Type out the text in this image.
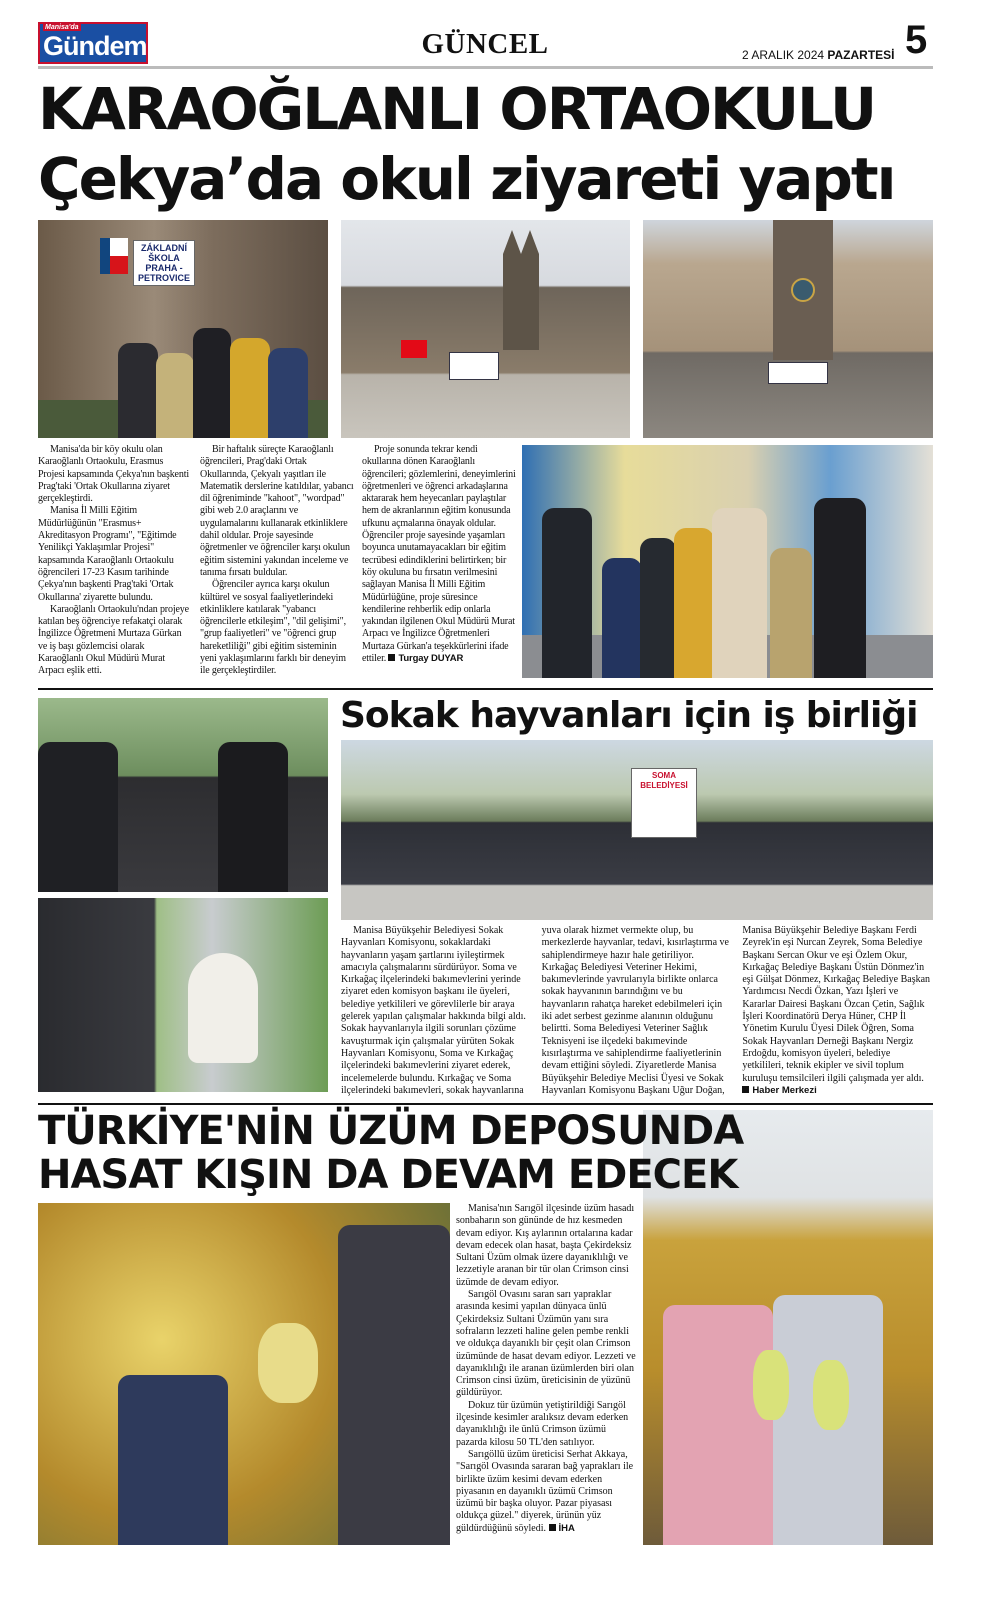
Manisa'da
Gündem	GÜNCEL	2 ARALIK 2024 PAZARTESİ 5
KARAOĞLANLI ORTAOKULU
Çekya’da okul ziyareti yaptı
ZÁKLADNÍ ŠKOLA PRAHA - PETROVICE

Manisa'da bir köy okulu olan Karaoğlanlı Ortaokulu, Erasmus Projesi kapsamında Çekya'nın başkenti Prag'taki 'Ortak Okullarına ziyaret gerçekleştirdi.

Manisa İl Milli Eğitim Müdürlüğünün "Erasmus+ Akreditasyon Programı", "Eğitimde Yenilikçi Yaklaşımlar Projesi" kapsamında Karaoğlanlı Ortaokulu öğrencileri 17-23 Kasım tarihinde Çekya'nın başkenti Prag'taki 'Ortak Okullarına' ziyarette bulundu.

Karaoğlanlı Ortaokulu'ndan projeye katılan beş öğrenciye refakatçi olarak İngilizce Öğretmeni Murtaza Gürkan ve iş başı gözlemcisi olarak Karaoğlanlı Okul Müdürü Murat Arpacı eşlik etti.

Bir haftalık süreçte Karaoğlanlı öğrencileri, Prag'daki Ortak Okullarında, Çekyalı yaşıtları ile Matematik derslerine katıldılar, yabancı dil öğreniminde "kahoot", "wordpad" gibi web 2.0 araçlarını ve uygulamalarını kullanarak etkinliklere dahil oldular. Proje sayesinde öğretmenler ve öğrenciler karşı okulun eğitim sistemini yakından inceleme ve tanıma fırsatı buldular.

Öğrenciler ayrıca karşı okulun kültürel ve sosyal faaliyetlerindeki etkinliklere katılarak "yabancı öğrencilerle etkileşim", "dil gelişimi", "grup faaliyetleri" ve "öğrenci grup hareketliliği" gibi eğitim sisteminin yeni yaklaşımlarını farklı bir deneyim ile gerçekleştirdiler.

Proje sonunda tekrar kendi okullarına dönen Karaoğlanlı öğrencileri; gözlemlerini, deneyimlerini öğretmenleri ve öğrenci arkadaşlarına aktararak hem heyecanları paylaştılar hem de akranlarının eğitim konusunda ufkunu açmalarına önayak oldular. Öğrenciler proje sayesinde yaşamları boyunca unutamayacakları bir eğitim tecrübesi edindiklerini belirtirken; bir köy okuluna bu fırsatın verilmesini sağlayan Manisa İl Milli Eğitim Müdürlüğüne, proje süresince kendilerine rehberlik edip onlarla yakından ilgilenen Okul Müdürü Murat Arpacı ve İngilizce Öğretmenleri Murtaza Gürkan'a teşekkürlerini ifade ettiler. Turgay DUYAR

Sokak hayvanları için iş birliği
SOMA BELEDİYESİ

Manisa Büyükşehir Belediyesi Sokak Hayvanları Komisyonu, sokaklardaki hayvanların yaşam şartlarını iyileştirmek amacıyla çalışmalarını sürdürüyor. Soma ve Kırkağaç ilçelerindeki bakımevlerini yerinde ziyaret eden komisyon başkanı ile üyeleri, belediye yetkilileri ve görevlilerle bir araya gelerek yapılan çalışmalar hakkında bilgi aldı. Sokak hayvanlarıyla ilgili sorunları çözüme kavuşturmak için çalışmalar yürüten Sokak Hayvanları Komisyonu, Soma ve Kırkağaç ilçelerindeki bakımevlerini ziyaret ederek, incelemelerde bulundu. Kırkağaç ve Soma ilçelerindeki bakımevleri, sokak hayvanlarına yuva olarak hizmet vermekte olup, bu merkezlerde hayvanlar, tedavi, kısırlaştırma ve sahiplendirmeye hazır hale getiriliyor. Kırkağaç Belediyesi Veteriner Hekimi, bakımevlerinde yavrularıyla birlikte onlarca sokak hayvanının barındığını ve bu hayvanların rahatça hareket edebilmeleri için iki adet serbest gezinme alanının olduğunu belirtti. Soma Belediyesi Veteriner Sağlık Teknisyeni ise ilçedeki bakımevinde kısırlaştırma ve sahiplendirme faaliyetlerinin devam ettiğini söyledi. Ziyaretlerde Manisa Büyükşehir Belediye Meclisi Üyesi ve Sokak Hayvanları Komisyonu Başkanı Uğur Doğan, Manisa Büyükşehir Belediye Başkanı Ferdi Zeyrek'in eşi Nurcan Zeyrek, Soma Belediye Başkanı Sercan Okur ve eşi Özlem Okur, Kırkağaç Belediye Başkanı Üstün Dönmez'in eşi Gülşat Dönmez, Kırkağaç Belediye Başkan Yardımcısı Necdi Özkan, Yazı İşleri ve Kararlar Dairesi Başkanı Özcan Çetin, Sağlık İşleri Koordinatörü Derya Hüner, CHP İl Yönetim Kurulu Üyesi Dilek Öğren, Soma Sokak Hayvanları Derneği Başkanı Nergiz Erdoğdu, komisyon üyeleri, belediye yetkilileri, teknik ekipler ve sivil toplum kuruluşu temsilcileri ilgili çalışmada yer aldı. Haber Merkezi

TÜRKİYE'NİN ÜZÜM DEPOSUNDA
HASAT KIŞIN DA DEVAM EDECEK

Manisa'nın Sarıgöl ilçesinde üzüm hasadı sonbaharın son gününde de hız kesmeden devam ediyor. Kış aylarının ortalarına kadar devam edecek olan hasat, başta Çekirdeksiz Sultani Üzüm olmak üzere dayanıklılığı ve lezzetiyle aranan bir tür olan Crimson cinsi üzümde de devam ediyor.

Sarıgöl Ovasını saran sarı yapraklar arasında kesimi yapılan dünyaca ünlü Çekirdeksiz Sultani Üzümün yanı sıra sofraların lezzeti haline gelen pembe renkli ve oldukça dayanıklı bir çeşit olan Crimson üzümünde de hasat devam ediyor. Lezzeti ve dayanıklılığı ile aranan üzümlerden biri olan Crimson cinsi üzüm, üreticisinin de yüzünü güldürüyor.

Dokuz tür üzümün yetiştirildiği Sarıgöl ilçesinde kesimler aralıksız devam ederken dayanıklılığı ile ünlü Crimson üzümü pazarda kilosu 50 TL'den satılıyor.

Sarıgöllü üzüm üreticisi Serhat Akkaya, "Sarıgöl Ovasında sararan bağ yaprakları ile birlikte üzüm kesimi devam ederken piyasanın en dayanıklı üzümü Crimson üzümü bir başka oluyor. Pazar piyasası oldukça güzel." diyerek, ürünün yüz güldürdüğünü söyledi. İHA
